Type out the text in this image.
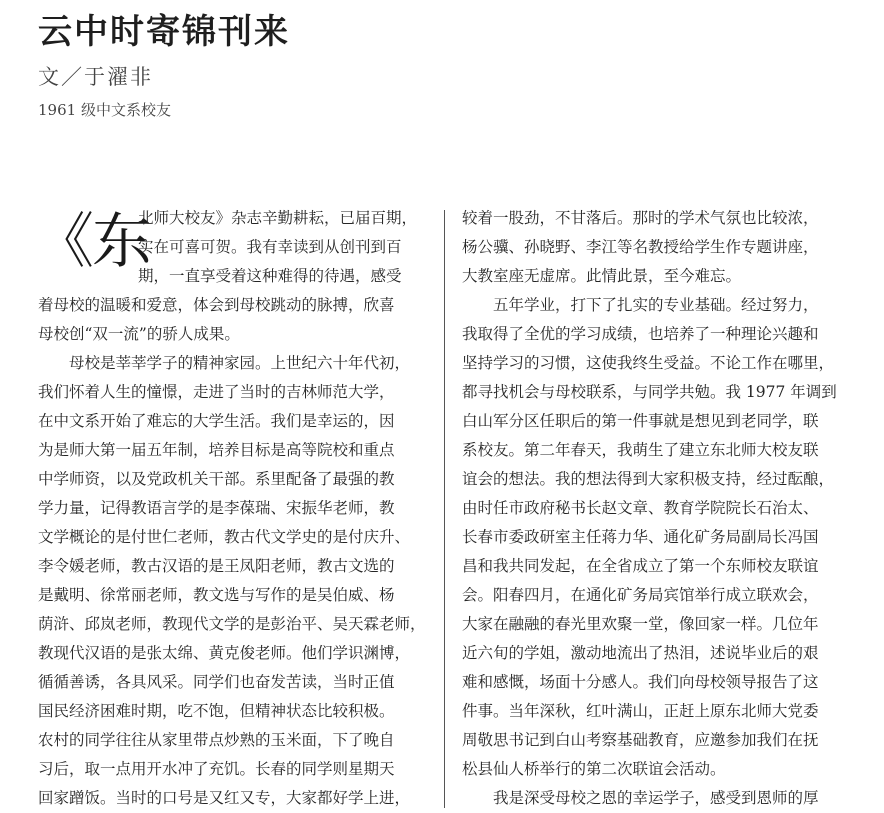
云中时寄锦刊来
文／于濯非
1961 级中文系校友
《东
北师大校友》杂志辛勤耕耘，已届百期，
实在可喜可贺。我有幸读到从创刊到百
期，一直享受着这种难得的待遇，感受
着母校的温暖和爱意，体会到母校跳动的脉搏，欣喜
母校创“双一流”的骄人成果。
　　母校是莘莘学子的精神家园。上世纪六十年代初，
我们怀着人生的憧憬，走进了当时的吉林师范大学，
在中文系开始了难忘的大学生活。我们是幸运的，因
为是师大第一届五年制，培养目标是高等院校和重点
中学师资，以及党政机关干部。系里配备了最强的教
学力量，记得教语言学的是李葆瑞、宋振华老师，教
文学概论的是付世仁老师，教古代文学史的是付庆升、
李令媛老师，教古汉语的是王凤阳老师，教古文选的
是戴明、徐常丽老师，教文选与写作的是吴伯威、杨
荫浒、邱岚老师，教现代文学的是彭治平、吴天霖老师，
教现代汉语的是张太绵、黄克俊老师。他们学识渊博，
循循善诱，各具风采。同学们也奋发苦读，当时正值
国民经济困难时期，吃不饱，但精神状态比较积极。
农村的同学往往从家里带点炒熟的玉米面，下了晚自
习后，取一点用开水冲了充饥。长春的同学则星期天
回家蹭饭。当时的口号是又红又专，大家都好学上进，
较着一股劲，不甘落后。那时的学术气氛也比较浓，
杨公骥、孙晓野、李江等名教授给学生作专题讲座，
大教室座无虚席。此情此景，至今难忘。
　　五年学业，打下了扎实的专业基础。经过努力，
我取得了全优的学习成绩，也培养了一种理论兴趣和
坚持学习的习惯，这使我终生受益。不论工作在哪里，
都寻找机会与母校联系，与同学共勉。我 1977 年调到
白山军分区任职后的第一件事就是想见到老同学，联
系校友。第二年春天，我萌生了建立东北师大校友联
谊会的想法。我的想法得到大家积极支持，经过酝酿，
由时任市政府秘书长赵文章、教育学院院长石治太、
长春市委政研室主任蒋力华、通化矿务局副局长冯国
昌和我共同发起，在全省成立了第一个东师校友联谊
会。阳春四月，在通化矿务局宾馆举行成立联欢会，
大家在融融的春光里欢聚一堂，像回家一样。几位年
近六旬的学姐，激动地流出了热泪，述说毕业后的艰
难和感慨，场面十分感人。我们向母校领导报告了这
件事。当年深秋，红叶满山，正赶上原东北师大党委
周敬思书记到白山考察基础教育，应邀参加我们在抚
松县仙人桥举行的第二次联谊会活动。
　　我是深受母校之恩的幸运学子，感受到恩师的厚
